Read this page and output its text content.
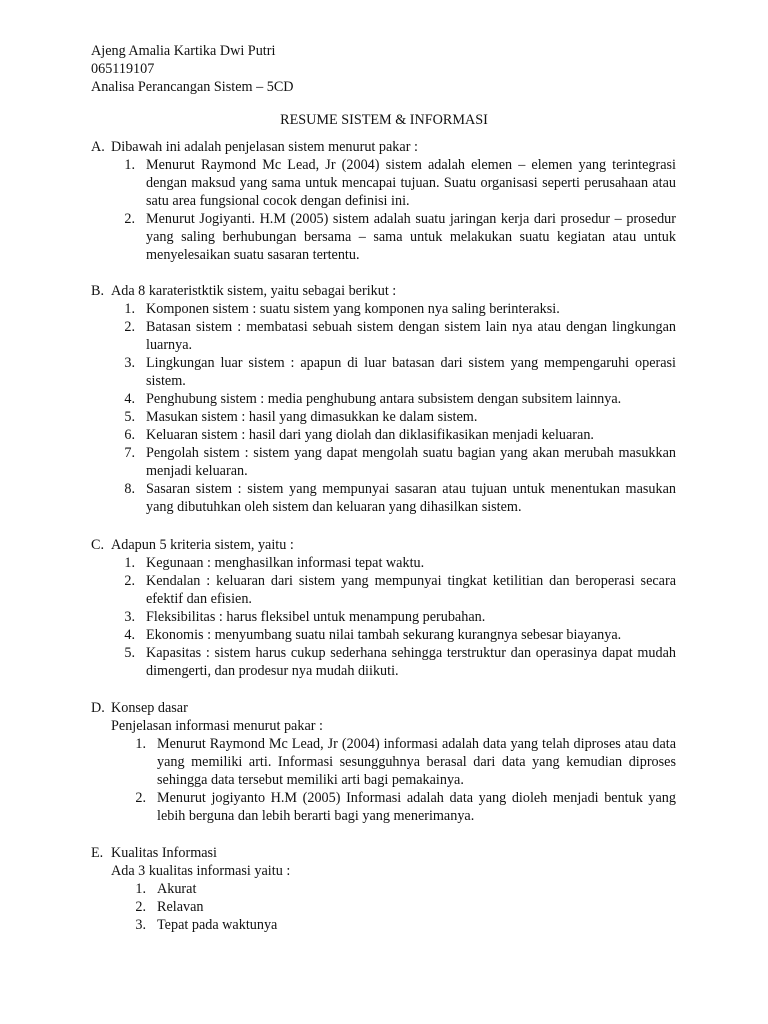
Ajeng Amalia Kartika Dwi Putri
065119107
Analisa Perancangan Sistem – 5CD
RESUME SISTEM & INFORMASI
A. Dibawah ini adalah penjelasan sistem menurut pakar :
1. Menurut Raymond Mc Lead, Jr (2004) sistem adalah elemen – elemen yang terintegrasi dengan maksud yang sama untuk mencapai tujuan. Suatu organisasi seperti perusahaan atau satu area fungsional cocok dengan definisi ini.
2. Menurut Jogiyanti. H.M (2005) sistem adalah suatu jaringan kerja dari prosedur – prosedur yang saling berhubungan bersama – sama untuk melakukan suatu kegiatan atau untuk menyelesaikan suatu sasaran tertentu.
B. Ada 8 karateristktik sistem, yaitu sebagai berikut :
1. Komponen sistem : suatu sistem yang komponen nya saling berinteraksi.
2. Batasan sistem : membatasi sebuah sistem dengan sistem lain nya atau dengan lingkungan luarnya.
3. Lingkungan luar sistem : apapun di luar batasan dari sistem yang mempengaruhi operasi sistem.
4. Penghubung sistem : media penghubung antara subsistem dengan subsitem lainnya.
5. Masukan sistem : hasil yang dimasukkan ke dalam sistem.
6. Keluaran sistem : hasil dari yang diolah dan diklasifikasikan menjadi keluaran.
7. Pengolah sistem : sistem yang dapat mengolah suatu bagian yang akan merubah masukkan menjadi keluaran.
8. Sasaran sistem : sistem yang mempunyai sasaran atau tujuan untuk menentukan masukan yang dibutuhkan oleh sistem dan keluaran yang dihasilkan sistem.
C. Adapun 5 kriteria sistem, yaitu :
1. Kegunaan : menghasilkan informasi tepat waktu.
2. Kendalan : keluaran dari sistem yang mempunyai tingkat ketilitian dan beroperasi secara efektif dan efisien.
3. Fleksibilitas : harus fleksibel untuk menampung perubahan.
4. Ekonomis : menyumbang suatu nilai tambah sekurang kurangnya sebesar biayanya.
5. Kapasitas : sistem harus cukup sederhana sehingga terstruktur dan operasinya dapat mudah dimengerti, dan prodesur nya mudah diikuti.
D. Konsep dasar
Penjelasan informasi menurut pakar :
1. Menurut Raymond Mc Lead, Jr (2004) informasi adalah data yang telah diproses atau data yang memiliki arti. Informasi sesungguhnya berasal dari data yang kemudian diproses sehingga data tersebut memiliki arti bagi pemakainya.
2. Menurut jogiyanto H.M (2005) Informasi adalah data yang dioleh menjadi bentuk yang lebih berguna dan lebih berarti bagi yang menerimanya.
E. Kualitas Informasi
Ada 3 kualitas informasi yaitu :
1. Akurat
2. Relavan
3. Tepat pada waktunya
